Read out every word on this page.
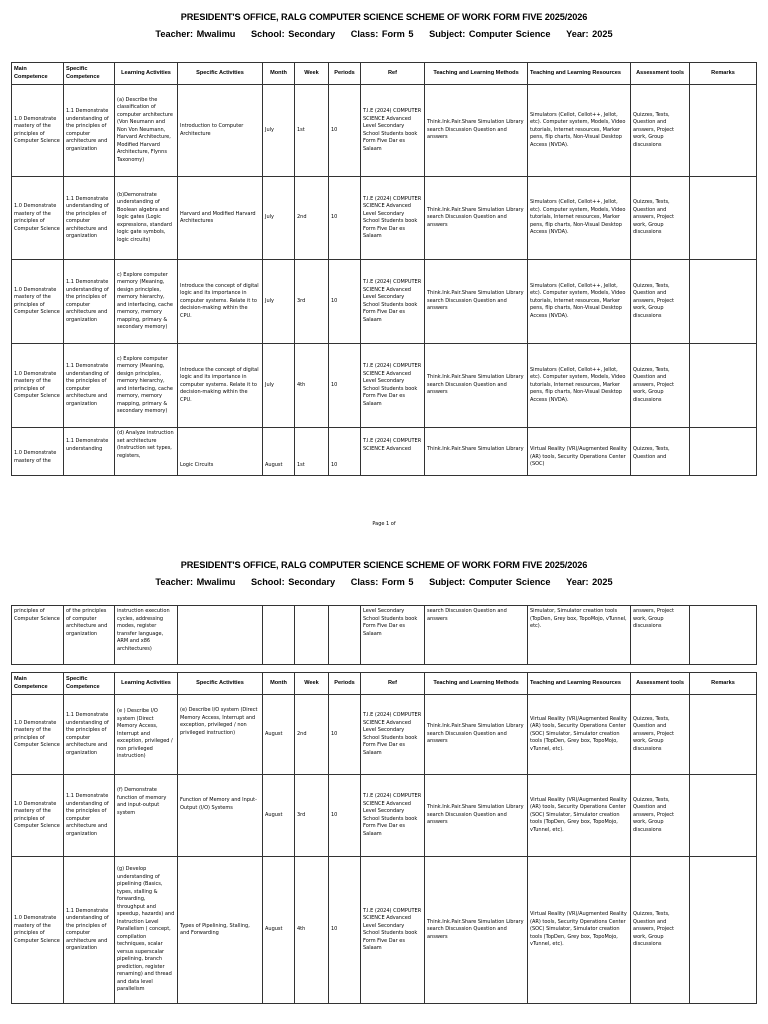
PRESIDENT'S OFFICE, RALG COMPUTER SCIENCE SCHEME OF WORK FORM FIVE 2025/2026
Teacher: Mwalimu School: Secondary Class: Form 5 Subject: Computer Science Year: 2025
Main Competence	Specific Competence	Learning Activities	Specific Activities	Month	Week	Periods	Ref	Teaching and Learning Methods	Teaching and Learning Resources	Assessment tools	Remarks
1.0 Demonstrate mastery of the principles of Computer Science	1.1 Demonstrate understanding of the principles of computer architecture and organization	(a) Describe the classification of computer architecture (Von Neumann and Non Von Neumann, Harvard Architecture, Modified Harvard Architecture, Flynns Taxonomy)	Introduction to Computer Architecture	July	1st	10	T.I.E (2024) COMPUTER SCIENCE Advanced Level Secondary School Students book Form Five Dar es Salaam	Think.Ink.Pair.Share Simulation Library search Discussion Question and answers	Simulators (Cellot, Cellot++, Jellot, etc). Computer system, Models, Video tutorials, Internet resources, Marker pens, flip charts, Non-Visual Desktop Access (NVDA).	Quizzes, Tests, Question and answers, Project work, Group discussions	
1.0 Demonstrate mastery of the principles of Computer Science	1.1 Demonstrate understanding of the principles of computer architecture and organization	(b)Demonstrate understanding of Boolean algebra and logic gates (Logic expressions, standard logic gate symbols, logic circuits)	Harvard and Modified Harvard Architectures	July	2nd	10	T.I.E (2024) COMPUTER SCIENCE Advanced Level Secondary School Students book Form Five Dar es Salaam	Think.Ink.Pair.Share Simulation Library search Discussion Question and answers	Simulators (Cellot, Cellot++, Jellot, etc). Computer system, Models, Video tutorials, Internet resources, Marker pens, flip charts, Non-Visual Desktop Access (NVDA).	Quizzes, Tests, Question and answers, Project work, Group discussions	
1.0 Demonstrate mastery of the principles of Computer Science	1.1 Demonstrate understanding of the principles of computer architecture and organization	c) Explore computer memory (Meaning, design principles, memory hierarchy, and interfacing, cache memory, memory mapping, primary & secondary memory)	Introduce the concept of digital logic and its importance in computer systems. Relate it to decision-making within the CPU.	July	3rd	10	T.I.E (2024) COMPUTER SCIENCE Advanced Level Secondary School Students book Form Five Dar es Salaam	Think.Ink.Pair.Share Simulation Library search Discussion Question and answers	Simulators (Cellot, Cellot++, Jellot, etc). Computer system, Models, Video tutorials, Internet resources, Marker pens, flip charts, Non-Visual Desktop Access (NVDA).	Quizzes, Tests, Question and answers, Project work, Group discussions	
1.0 Demonstrate mastery of the principles of Computer Science	1.1 Demonstrate understanding of the principles of computer architecture and organization	c) Explore computer memory (Meaning, design principles, memory hierarchy, and interfacing, cache memory, memory mapping, primary & secondary memory)	Introduce the concept of digital logic and its importance in computer systems. Relate it to decision-making within the CPU.	July	4th	10	T.I.E (2024) COMPUTER SCIENCE Advanced Level Secondary School Students book Form Five Dar es Salaam	Think.Ink.Pair.Share Simulation Library search Discussion Question and answers	Simulators (Cellot, Cellot++, Jellot, etc). Computer system, Models, Video tutorials, Internet resources, Marker pens, flip charts, Non-Visual Desktop Access (NVDA).	Quizzes, Tests, Question and answers, Project work, Group discussions	
1.0 Demonstrate mastery of the	1.1 Demonstrate understanding	(d) Analyze instruction set architecture (Instruction set types, registers,	Logic Circuits	August	1st	10	T.I.E (2024) COMPUTER SCIENCE Advanced	Think.Ink.Pair.Share Simulation Library	Virtual Reality (VR)/Augmented Reality (AR) tools, Security Operations Center (SOC)	Quizzes, Tests, Question and	
Page 1 of
PRESIDENT'S OFFICE, RALG COMPUTER SCIENCE SCHEME OF WORK FORM FIVE 2025/2026
Teacher: Mwalimu School: Secondary Class: Form 5 Subject: Computer Science Year: 2025
principles of Computer Science	of the principles of computer architecture and organization	instruction execution cycles, addressing modes, register transfer language, ARM and x86 architectures)					Level Secondary School Students book Form Five Dar es Salaam	search Discussion Question and answers	Simulator, Simulator creation tools (TopDen, Grey box, TopoMojo, vTunnel, etc).	answers, Project work, Group discussions	
Main Competence	Specific Competence	Learning Activities	Specific Activities	Month	Week	Periods	Ref	Teaching and Learning Methods	Teaching and Learning Resources	Assessment tools	Remarks
1.0 Demonstrate mastery of the principles of Computer Science	1.1 Demonstrate understanding of the principles of computer architecture and organization	(e ) Describe I/O system (Direct Memory Access, Interrupt and exception, privileged / non privileged instruction)	(e) Describe I/O system (Direct Memory Access, Interrupt and exception, privileged / non privileged instruction)	August	2nd	10	T.I.E (2024) COMPUTER SCIENCE Advanced Level Secondary School Students book Form Five Dar es Salaam	Think.Ink.Pair.Share Simulation Library search Discussion Question and answers	Virtual Reality (VR)/Augmented Reality (AR) tools, Security Operations Center (SOC) Simulator, Simulator creation tools (TopDen, Grey box, TopoMojo, vTunnel, etc).	Quizzes, Tests, Question and answers, Project work, Group discussions	
1.0 Demonstrate mastery of the principles of Computer Science	1.1 Demonstrate understanding of the principles of computer architecture and organization	(f) Demonstrate function of memory and input-output system	Function of Memory and Input-Output (I/O) Systems	August	3rd	10	T.I.E (2024) COMPUTER SCIENCE Advanced Level Secondary School Students book Form Five Dar es Salaam	Think.Ink.Pair.Share Simulation Library search Discussion Question and answers	Virtual Reality (VR)/Augmented Reality (AR) tools, Security Operations Center (SOC) Simulator, Simulator creation tools (TopDen, Grey box, TopoMojo, vTunnel, etc).	Quizzes, Tests, Question and answers, Project work, Group discussions	
1.0 Demonstrate mastery of the principles of Computer Science	1.1 Demonstrate understanding of the principles of computer architecture and organization	(g) Develop understanding of pipelining (Basics, types, stalling & forwarding, throughput and speedup, hazards) and Instruction Level Parallelism ( concept, compilation techniques, scalar versus superscalar pipelining, branch prediction, register renaming) and thread and data level parallelism	Types of Pipelining, Stalling, and Forwarding	August	4th	10	T.I.E (2024) COMPUTER SCIENCE Advanced Level Secondary School Students book Form Five Dar es Salaam	Think.Ink.Pair.Share Simulation Library search Discussion Question and answers	Virtual Reality (VR)/Augmented Reality (AR) tools, Security Operations Center (SOC) Simulator, Simulator creation tools (TopDen, Grey box, TopoMojo, vTunnel, etc).	Quizzes, Tests, Question and answers, Project work, Group discussions	
